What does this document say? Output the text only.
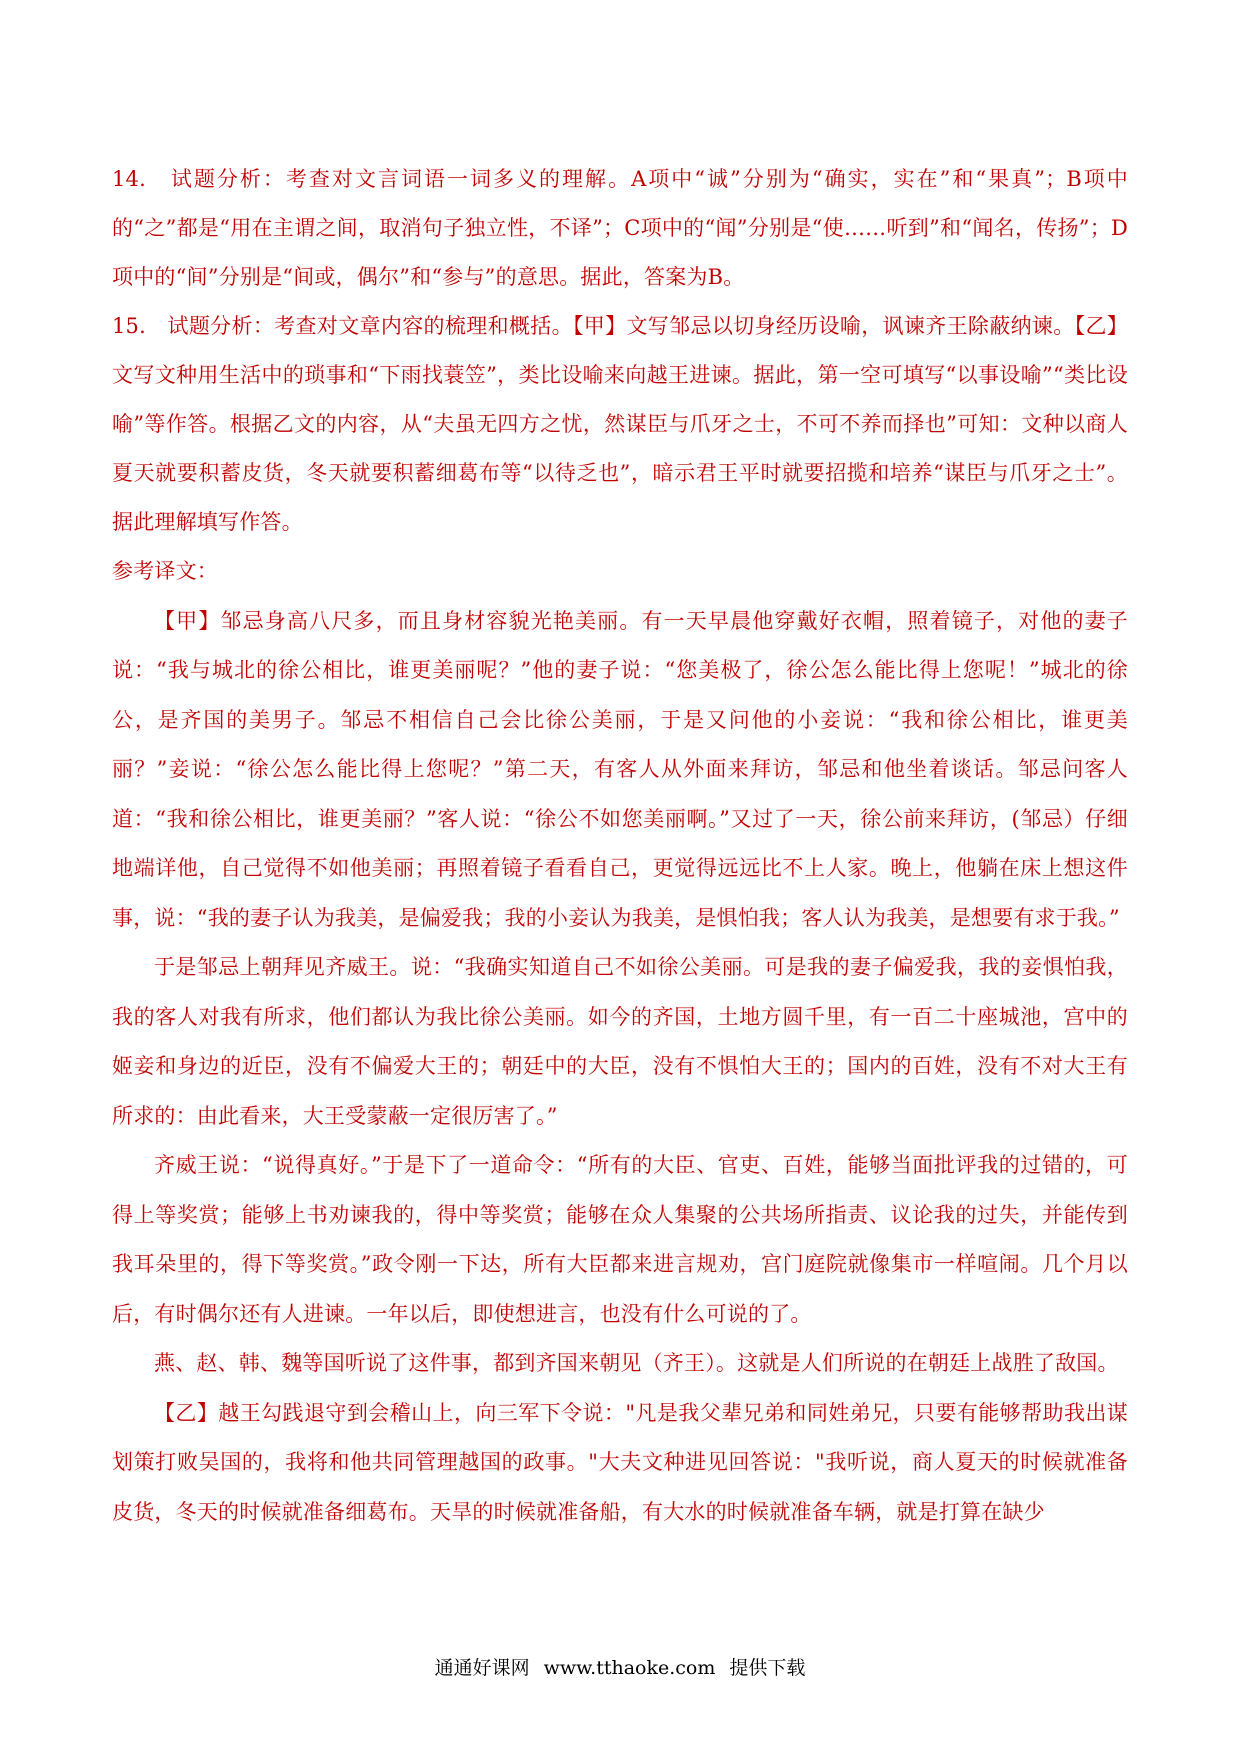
14.　试题分析：考查对文言词语一词多义的理解。A项中“诚”分别为“确实，实在”和“果真”；B项中的“之”都是“用在主谓之间，取消句子独立性，不译”；C项中的“闻”分别是“使……听到”和“闻名，传扬”；D项中的“间”分别是“间或，偶尔”和“参与”的意思。据此，答案为B。

15.　试题分析：考查对文章内容的梳理和概括。【甲】文写邹忌以切身经历设喻，讽谏齐王除蔽纳谏。【乙】文写文种用生活中的琐事和“下雨找蓑笠”，类比设喻来向越王进谏。据此，第一空可填写“以事设喻”“类比设喻”等作答。根据乙文的内容，从“夫虽无四方之忧，然谋臣与爪牙之士，不可不养而择也”可知：文种以商人夏天就要积蓄皮货，冬天就要积蓄细葛布等“以待乏也”，暗示君王平时就要招揽和培养“谋臣与爪牙之士”。据此理解填写作答。

参考译文：

【甲】邹忌身高八尺多，而且身材容貌光艳美丽。有一天早晨他穿戴好衣帽，照着镜子，对他的妻子说：“我与城北的徐公相比，谁更美丽呢？”他的妻子说：“您美极了，徐公怎么能比得上您呢！”城北的徐公，是齐国的美男子。邹忌不相信自己会比徐公美丽，于是又问他的小妾说：“我和徐公相比，谁更美丽？”妾说：“徐公怎么能比得上您呢？”第二天，有客人从外面来拜访，邹忌和他坐着谈话。邹忌问客人道：“我和徐公相比，谁更美丽？”客人说：“徐公不如您美丽啊。”又过了一天，徐公前来拜访，(邹忌）仔细地端详他，自己觉得不如他美丽；再照着镜子看看自己，更觉得远远比不上人家。晚上，他躺在床上想这件事，说：“我的妻子认为我美，是偏爱我；我的小妾认为我美，是惧怕我；客人认为我美，是想要有求于我。”

于是邹忌上朝拜见齐威王。说：“我确实知道自己不如徐公美丽。可是我的妻子偏爱我，我的妾惧怕我，我的客人对我有所求，他们都认为我比徐公美丽。如今的齐国，土地方圆千里，有一百二十座城池，宫中的姬妾和身边的近臣，没有不偏爱大王的；朝廷中的大臣，没有不惧怕大王的；国内的百姓，没有不对大王有所求的：由此看来，大王受蒙蔽一定很厉害了。”

齐威王说：“说得真好。”于是下了一道命令：“所有的大臣、官吏、百姓，能够当面批评我的过错的，可得上等奖赏；能够上书劝谏我的，得中等奖赏；能够在众人集聚的公共场所指责、议论我的过失，并能传到我耳朵里的，得下等奖赏。”政令刚一下达，所有大臣都来进言规劝，宫门庭院就像集市一样喧闹。几个月以后，有时偶尔还有人进谏。一年以后，即使想进言，也没有什么可说的了。

燕、赵、韩、魏等国听说了这件事，都到齐国来朝见（齐王）。这就是人们所说的在朝廷上战胜了敌国。

【乙】越王勾践退守到会稽山上，向三军下令说："凡是我父辈兄弟和同姓弟兄，只要有能够帮助我出谋划策打败吴国的，我将和他共同管理越国的政事。"大夫文种进见回答说："我听说，商人夏天的时候就准备皮货，冬天的时候就准备细葛布。天旱的时候就准备船，有大水的时候就准备车辆，就是打算在缺少

通通好课网 www.tthaoke.com 提供下载
